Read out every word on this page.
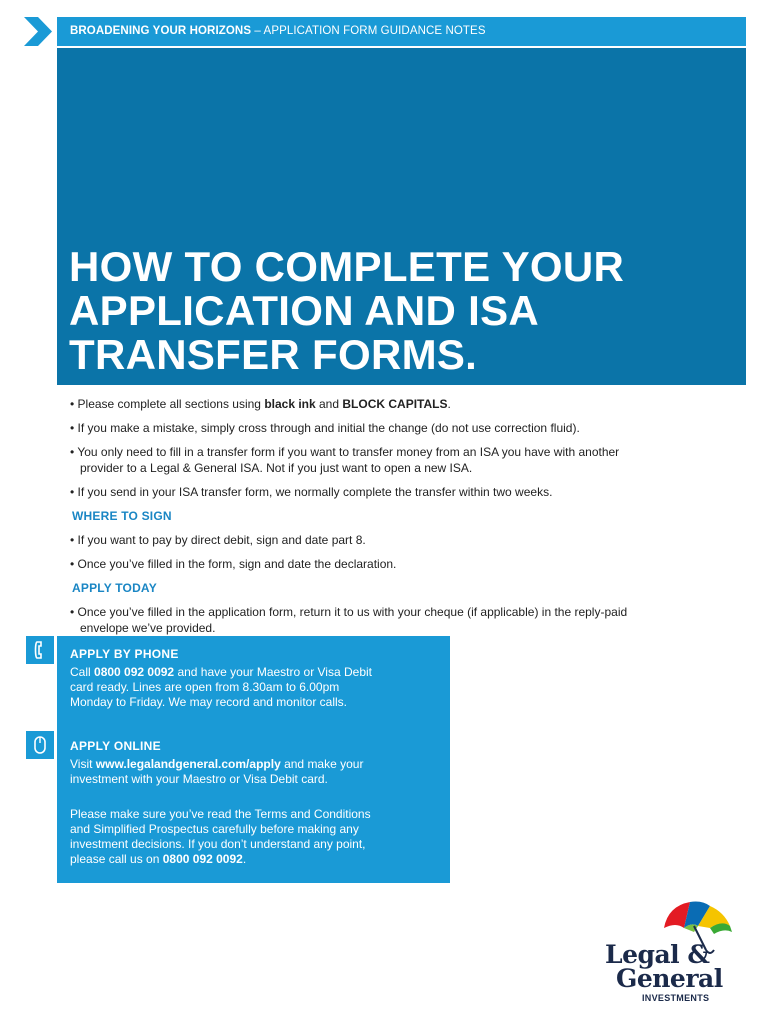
BROADENING YOUR HORIZONS – APPLICATION FORM GUIDANCE NOTES
HOW TO COMPLETE YOUR
APPLICATION AND ISA
TRANSFER FORMS.

• Please complete all sections using black ink and BLOCK CAPITALS.

• If you make a mistake, simply cross through and initial the change (do not use correction fluid).

• You only need to fill in a transfer form if you want to transfer money from an ISA you have with another
provider to a Legal & General ISA. Not if you just want to open a new ISA.

• If you send in your ISA transfer form, we normally complete the transfer within two weeks.

WHERE TO SIGN

• If you want to pay by direct debit, sign and date part 8.

• Once you’ve filled in the form, sign and date the declaration.

APPLY TODAY

• Once you’ve filled in the application form, return it to us with your cheque (if applicable) in the reply-paid
envelope we’ve provided.

APPLY BY PHONE
Call 0800 092 0092 and have your Maestro or Visa Debit
card ready. Lines are open from 8.30am to 6.00pm
Monday to Friday. We may record and monitor calls.
APPLY ONLINE
Visit www.legalandgeneral.com/apply and make your
investment with your Maestro or Visa Debit card.
Please make sure you’ve read the Terms and Conditions
and Simplified Prospectus carefully before making any
investment decisions. If you don’t understand any point,
please call us on 0800 092 0092.
Legal &
General
INVESTMENTS
